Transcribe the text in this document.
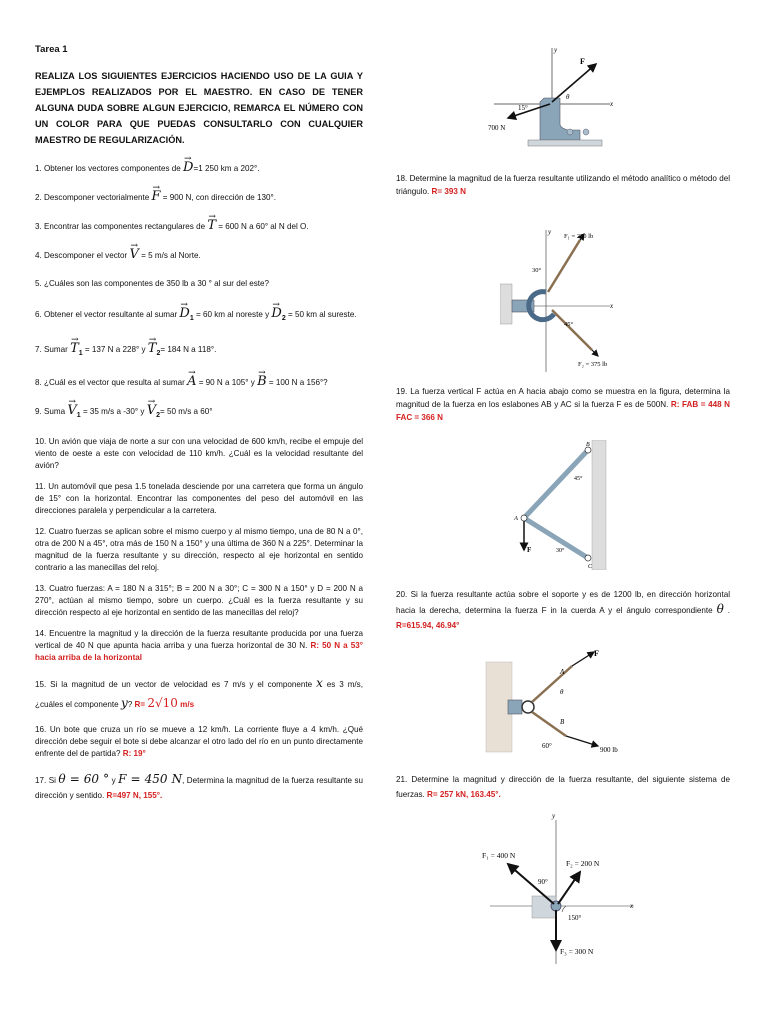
Tarea 1
REALIZA LOS SIGUIENTES EJERCICIOS HACIENDO USO DE LA GUIA Y EJEMPLOS REALIZADOS POR EL MAESTRO. EN CASO DE TENER ALGUNA DUDA SOBRE ALGUN EJERCICIO, REMARCA EL NÚMERO CON UN COLOR PARA QUE PUEDAS CONSULTARLO CON CUALQUIER MAESTRO DE REGULARIZACIÓN.
1. Obtener los vectores componentes de → D=1 250 km a 202°.
2. Descomponer vectorialmente → F = 900 N, con dirección de 130°.
3. Encontrar las componentes rectangulares de → T = 600 N a 60° al N del O.
4. Descomponer el vector → V = 5 m/s al Norte.
5. ¿Cuáles son las componentes de 350 lb a 30 ° al sur del este?
6. Obtener el vector resultante al sumar → D1 = 60 km al noreste y → D2 = 50 km al sureste.
7. Sumar → T1 = 137 N a 228° y → T2= 184 N a 118°.
8. ¿Cuál es el vector que resulta al sumar → A = 90 N a 105° y → B = 100 N a 156°?
9. Suma → V1 = 35 m/s a -30° y → V2= 50 m/s a 60°
10. Un avión que viaja de norte a sur con una velocidad de 600 km/h, recibe el empuje del viento de oeste a este con velocidad de 110 km/h. ¿Cuál es la velocidad resultante del avión?
11. Un automóvil que pesa 1.5 tonelada desciende por una carretera que forma un ángulo de 15° con la horizontal. Encontrar las componentes del peso del automóvil en las direcciones paralela y perpendicular a la carretera.
12. Cuatro fuerzas se aplican sobre el mismo cuerpo y al mismo tiempo, una de 80 N a 0°, otra de 200 N a 45°, otra más de 150 N a 150° y una última de 360 N a 225°. Determinar la magnitud de la fuerza resultante y su dirección, respecto al eje horizontal en sentido contrario a las manecillas del reloj.
13. Cuatro fuerzas: A = 180 N a 315°; B = 200 N a 30°; C = 300 N a 150° y D = 200 N a 270°, actúan al mismo tiempo, sobre un cuerpo. ¿Cuál es la fuerza resultante y su dirección respecto al eje horizontal en sentido de las manecillas del reloj?
14. Encuentre la magnitud y la dirección de la fuerza resultante producida por una fuerza vertical de 40 N que apunta hacia arriba y una fuerza horizontal de 30 N. R: 50 N a 53° hacia arriba de la horizontal
15. Si la magnitud de un vector de velocidad es 7 m/s y el componente x es 3 m/s, ¿cuáles el componente y? R= 2√10 m/s
16. Un bote que cruza un río se mueve a 12 km/h. La corriente fluye a 4 km/h. ¿Qué dirección debe seguir el bote si debe alcanzar el otro lado del río en un punto directamente enfrente del de partida? R: 19°
17. Si θ = 60 ° y F = 450 N, Determina la magnitud de la fuerza resultante su dirección y sentido. R=497 N, 155°.
y
x
F
θ
15°
700 N
18. Determine la magnitud de la fuerza resultante utilizando el método analítico o método del triángulo. R= 393 N
y
x
F₁ = 250 lb
30°
45°
F₂ = 375 lb
19. La fuerza vertical F actúa en A hacia abajo como se muestra en la figura, determina la magnitud de la fuerza en los eslabones AB y AC si la fuerza F es de 500N. R: FAB = 448 N FAC = 366 N
B
45°
A
30°
C
F
20. Si la fuerza resultante actúa sobre el soporte y es de 1200 lb, en dirección horizontal hacia la derecha, determina la fuerza F in la cuerda A y el ángulo correspondiente θ . R=615.94, 46.94°
A
F
θ
B
60°	900 lb
21. Determine la magnitud y dirección de la fuerza resultante, del siguiente sistema de fuerzas. R= 257 kN, 163.45°.
y
x
F₁ = 400 N
F₂ = 200 N
90°
150°
F₃ = 300 N
